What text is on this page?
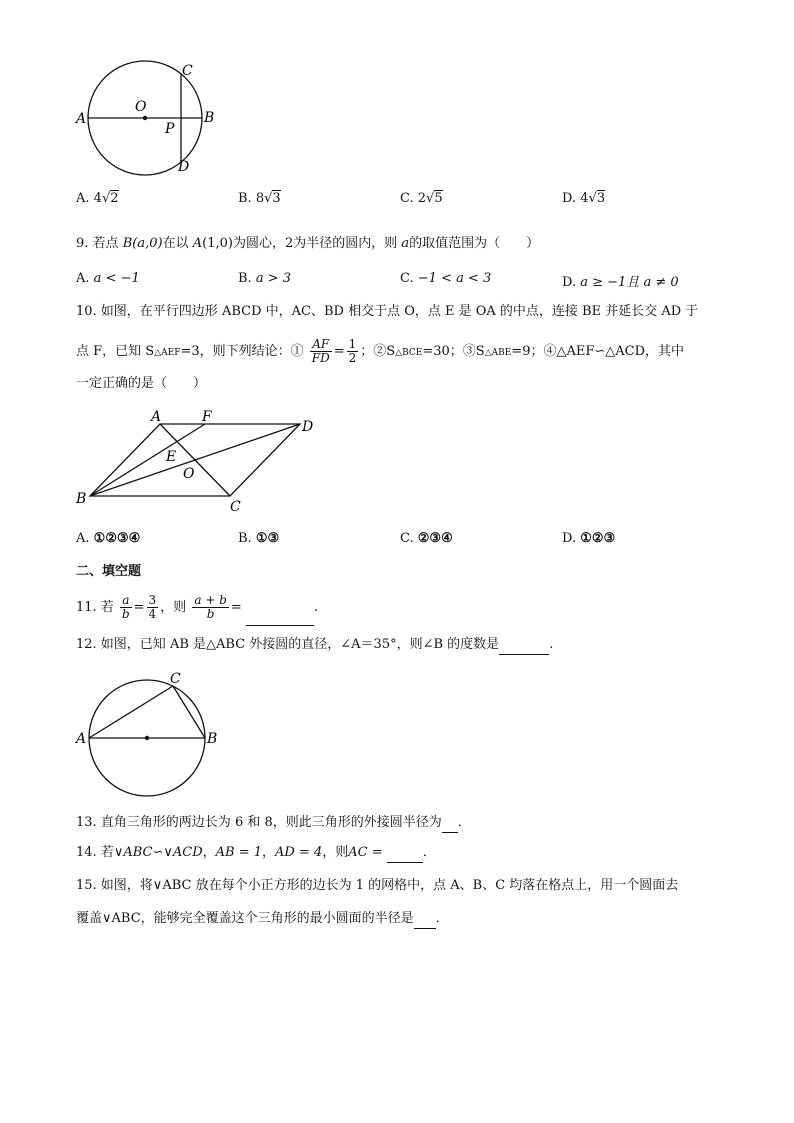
A	B
C
D
O
P
A. 4√2	B. 8√3	C. 2√5	D. 4√3
9. 若点 B(a,0)在以 A(1,0)为圆心，2为半径的圆内，则 a的取值范围为（　　）
A. a < −1	B. a > 3	C. −1 < a < 3	D. a ≥ −1且 a ≠ 0
10. 如图，在平行四边形 ABCD 中，AC、BD 相交于点 O，点 E 是 OA 的中点，连接 BE 并延长交 AD 于
点 F，已知 S△AEF=3，则下列结论：① $\frac{AF}{FD} = \frac{1}{2}$ ；②S△BCE=30；③S△ABE=9；④△AEF∽△ACD，其中
一定正确的是（　　）
A	F
D
E
O
B	C
A. ①②③④	B. ①③	C. ②③④	D. ①②③
二、填空题
11. 若 $\frac{a}{b} = \frac{3}{4}$ ，则 $\frac{a + b}{b}$ =	.
12. 如图，已知 AB 是△ABC 外接圆的直径，∠A＝35°，则∠B 的度数是	.
A	B
C
13. 直角三角形的两边长为 6 和 8，则此三角形的外接圆半径为 ．
14. 若∨ABC∽∨ACD，AB = 1，AD = 4，则AC =	．
15. 如图，将∨ABC 放在每个小正方形的边长为 1 的网格中，点 A、B、C 均落在格点上，用一个圆面去
覆盖∨ABC，能够完全覆盖这个三角形的最小圆面的半径是 ．
